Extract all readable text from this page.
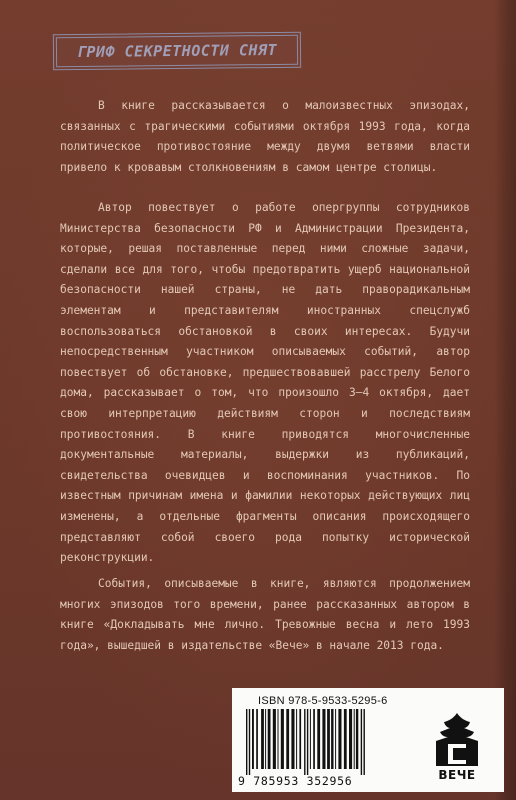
ГРИФ СЕКРЕТНОСТИ СНЯТ

В книге рассказывается о малоизвестных эпизодах, связанных с трагическими событиями октября 1993 года, когда политическое противостояние между двумя ветвями власти привело к кровавым столкновениям в самом центре столицы.

Автор повествует о работе опергруппы сотрудников Министерства безопасности РФ и Администрации Президента, которые, решая поставленные перед ними сложные задачи, сделали все для того, чтобы предотвратить ущерб национальной безопасности нашей страны, не дать праворадикальным элементам и представителям иностранных спецслужб воспользоваться обстановкой в своих интересах. Будучи непосредственным участником описываемых событий, автор повествует об обстановке, предшествовавшей расстрелу Белого дома, рассказывает о том, что произошло 3–4 октября, дает свою интерпретацию действиям сторон и последствиям противостояния. В книге приводятся многочисленные документальные материалы, выдержки из публикаций, свидетельства очевидцев и воспоминания участников. По известным причинам имена и фамилии некоторых действующих лиц изменены, а отдельные фрагменты описания происходящего представляют собой своего рода попытку исторической реконструкции.

События, описываемые в книге, являются продолжением многих эпизодов того времени, ранее рассказанных автором в книге «Докладывать мне лично. Тревожные весна и лето 1993 года», вышедшей в издательстве «Вече» в начале 2013 года.

ISBN 978-5-9533-5295-6
9 785953 352956	ВЕЧЕ
